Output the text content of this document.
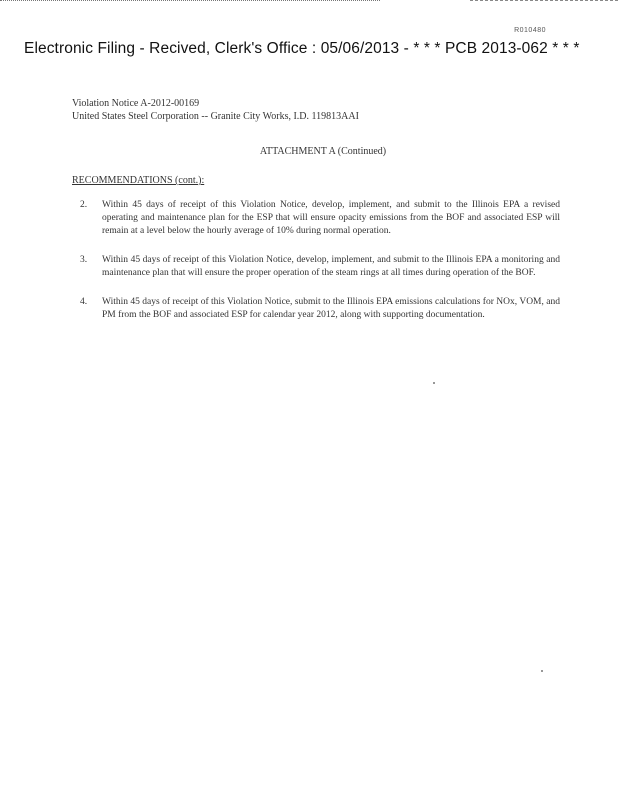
R010480
Electronic Filing - Recived, Clerk's Office : 05/06/2013 - * * * PCB 2013-062 * * *
Violation Notice A-2012-00169
United States Steel Corporation -- Granite City Works, I.D. 119813AAI
ATTACHMENT A (Continued)
RECOMMENDATIONS (cont.):
2. Within 45 days of receipt of this Violation Notice, develop, implement, and submit to the Illinois EPA a revised operating and maintenance plan for the ESP that will ensure opacity emissions from the BOF and associated ESP will remain at a level below the hourly average of 10% during normal operation.
3. Within 45 days of receipt of this Violation Notice, develop, implement, and submit to the Illinois EPA a monitoring and maintenance plan that will ensure the proper operation of the steam rings at all times during operation of the BOF.
4. Within 45 days of receipt of this Violation Notice, submit to the Illinois EPA emissions calculations for NOx, VOM, and PM from the BOF and associated ESP for calendar year 2012, along with supporting documentation.
